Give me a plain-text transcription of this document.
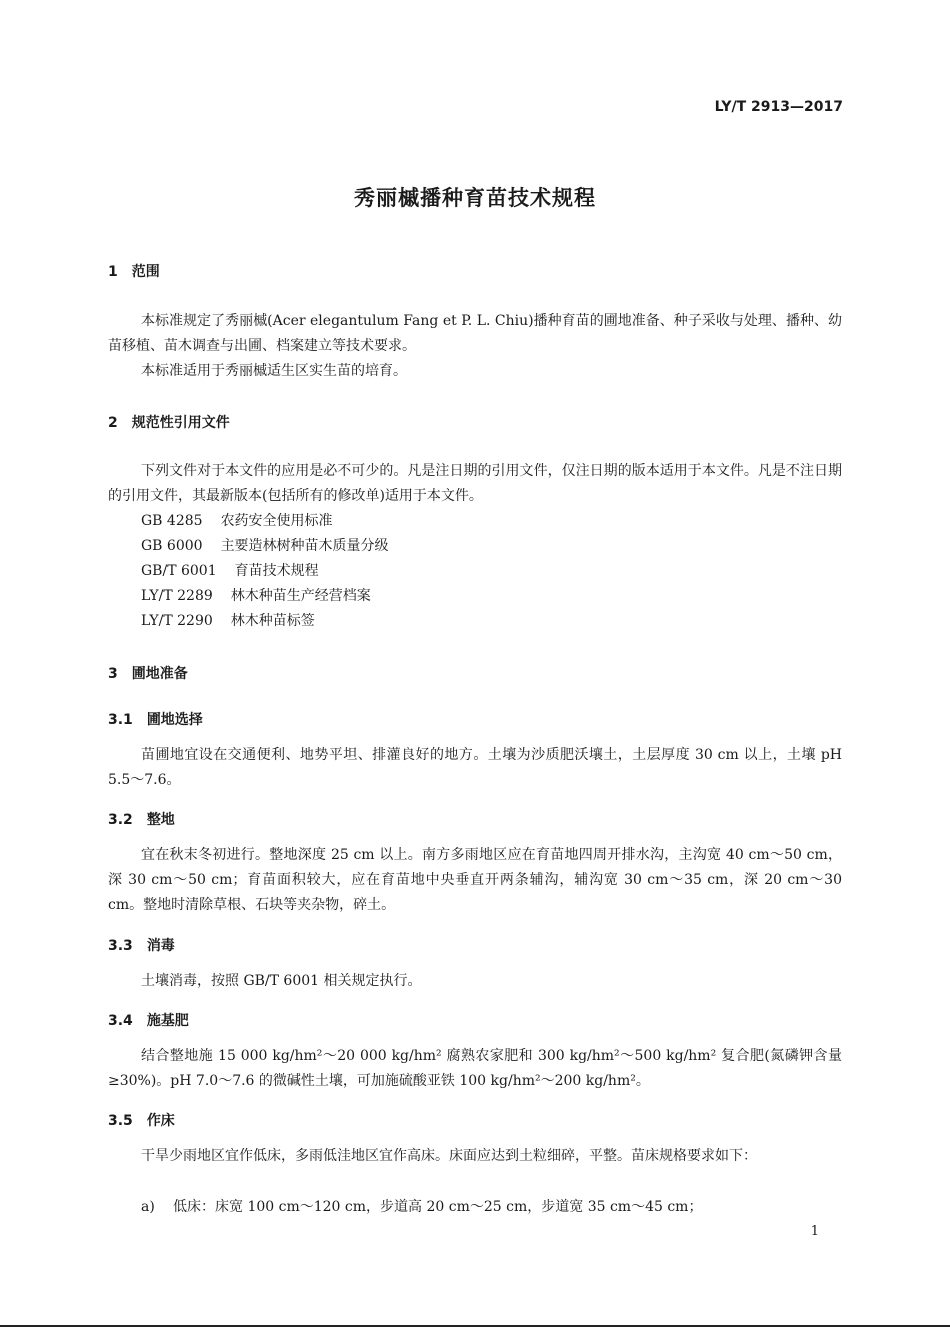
LY/T 2913—2017
秀丽槭播种育苗技术规程
1 范围

本标准规定了秀丽槭(Acer elegantulum Fang et P. L. Chiu)播种育苗的圃地准备、种子采收与处理、播种、幼苗移植、苗木调查与出圃、档案建立等技术要求。

本标准适用于秀丽槭适生区实生苗的培育。

2 规范性引用文件

下列文件对于本文件的应用是必不可少的。凡是注日期的引用文件，仅注日期的版本适用于本文件。凡是不注日期的引用文件，其最新版本(包括所有的修改单)适用于本文件。

GB 4285 农药安全使用标准
GB 6000 主要造林树种苗木质量分级
GB/T 6001 育苗技术规程
LY/T 2289 林木种苗生产经营档案
LY/T 2290 林木种苗标签
3 圃地准备
3.1 圃地选择

苗圃地宜设在交通便利、地势平坦、排灌良好的地方。土壤为沙质肥沃壤土，土层厚度 30 cm 以上，土壤 pH 5.5～7.6。

3.2 整地

宜在秋末冬初进行。整地深度 25 cm 以上。南方多雨地区应在育苗地四周开排水沟，主沟宽 40 cm～50 cm，深 30 cm～50 cm；育苗面积较大，应在育苗地中央垂直开两条辅沟，辅沟宽 30 cm～35 cm，深 20 cm～30 cm。整地时清除草根、石块等夹杂物，碎土。

3.3 消毒

土壤消毒，按照 GB/T 6001 相关规定执行。

3.4 施基肥

结合整地施 15 000 kg/hm²～20 000 kg/hm² 腐熟农家肥和 300 kg/hm²～500 kg/hm² 复合肥(氮磷钾含量≥30%)。pH 7.0～7.6 的微碱性土壤，可加施硫酸亚铁 100 kg/hm²～200 kg/hm²。

3.5 作床

干旱少雨地区宜作低床，多雨低洼地区宜作高床。床面应达到土粒细碎，平整。苗床规格要求如下：

a) 低床：床宽 100 cm～120 cm，步道高 20 cm～25 cm，步道宽 35 cm～45 cm；
1
